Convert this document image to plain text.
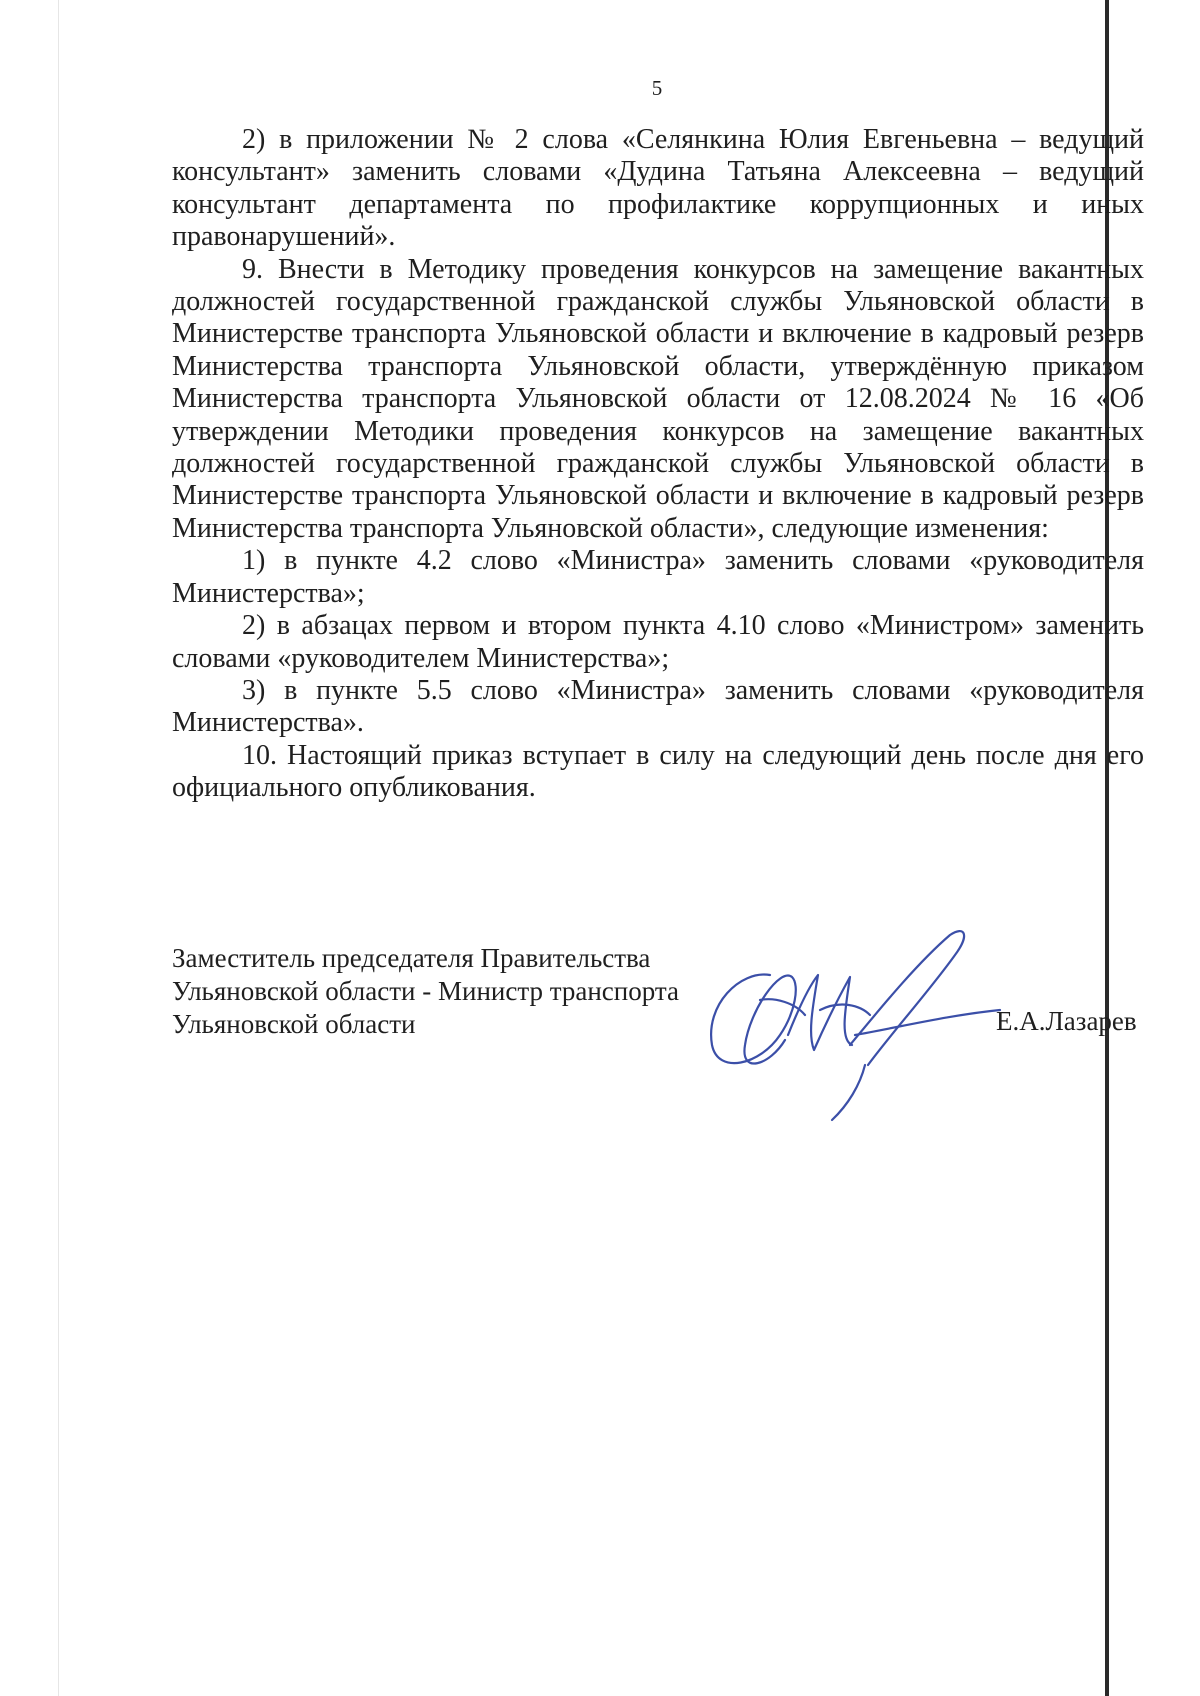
5

2) в приложении № 2 слова «Селянкина Юлия Евгеньевна – ведущий консультант» заменить словами «Дудина Татьяна Алексеевна – ведущий консультант департамента по профилактике коррупционных и иных правонарушений».

9. Внести в Методику проведения конкурсов на замещение вакантных должностей государственной гражданской службы Ульяновской области в Министерстве транспорта Ульяновской области и включение в кадровый резерв Министерства транспорта Ульяновской области, утверждённую приказом Министерства транспорта Ульяновской области от 12.08.2024 № 16 «Об утверждении Методики проведения конкурсов на замещение вакантных должностей государственной гражданской службы Ульяновской области в Министерстве транспорта Ульяновской области и включение в кадровый резерв Министерства транспорта Ульяновской области», следующие изменения:

1) в пункте 4.2 слово «Министра» заменить словами «руководителя Министерства»;

2) в абзацах первом и втором пункта 4.10 слово «Министром» заменить словами «руководителем Министерства»;

3) в пункте 5.5 слово «Министра» заменить словами «руководителя Министерства».

10. Настоящий приказ вступает в силу на следующий день после дня его официального опубликования.

Заместитель председателя Правительства
Ульяновской области - Министр транспорта
Ульяновской области	Е.А.Лазарев
